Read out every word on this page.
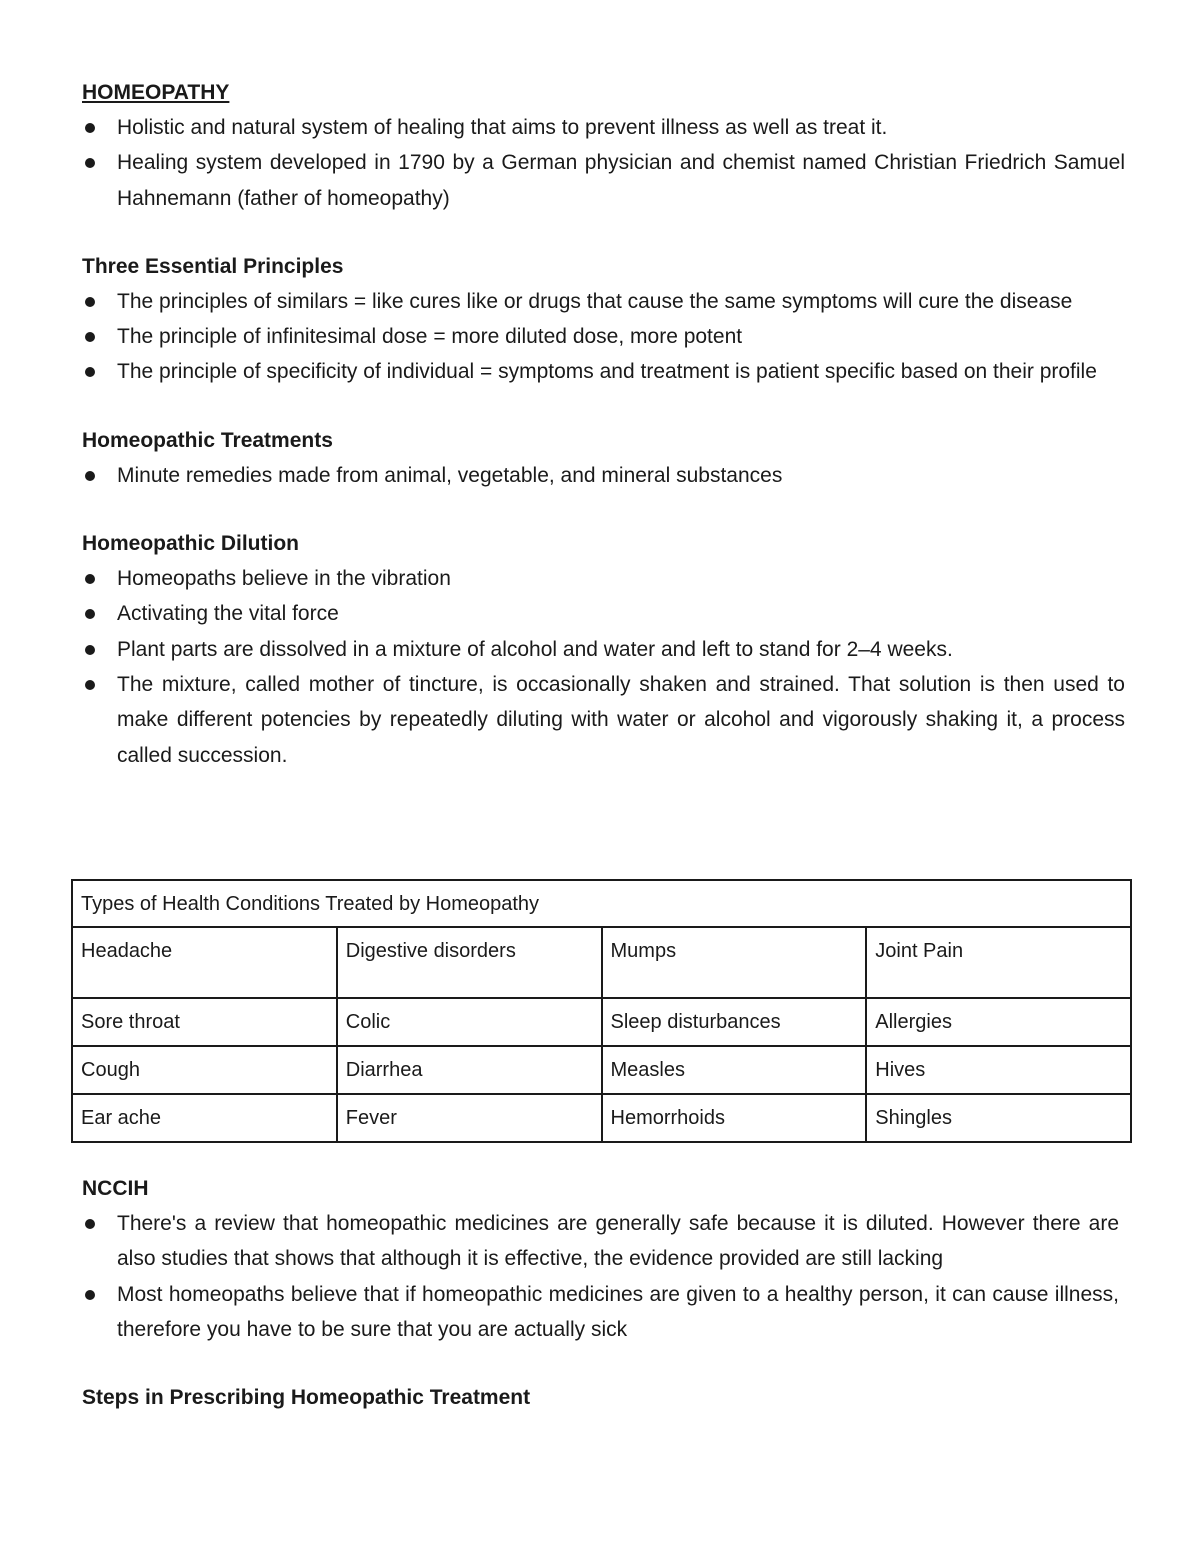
HOMEOPATHY

Holistic and natural system of healing that aims to prevent illness as well as treat it.
Healing system developed in 1790 by a German physician and chemist named Christian Friedrich Samuel Hahnemann (father of homeopathy)

Three Essential Principles

The principles of similars = like cures like or drugs that cause the same symptoms will cure the disease
The principle of infinitesimal dose = more diluted dose, more potent
The principle of specificity of individual = symptoms and treatment is patient specific based on their profile

Homeopathic Treatments

Minute remedies made from animal, vegetable, and mineral substances

Homeopathic Dilution

Homeopaths believe in the vibration
Activating the vital force
Plant parts are dissolved in a mixture of alcohol and water and left to stand for 2–4 weeks.
The mixture, called mother of tincture, is occasionally shaken and strained. That solution is then used to make different potencies by repeatedly diluting with water or alcohol and vigorously shaking it, a process called succession.
Types of Health Conditions Treated by Homeopathy			
Headache	Digestive disorders	Mumps	Joint Pain
Sore throat	Colic	Sleep disturbances	Allergies
Cough	Diarrhea	Measles	Hives
Ear ache	Fever	Hemorrhoids	Shingles

NCCIH

There's a review that homeopathic medicines are generally safe because it is diluted. However there are also studies that shows that although it is effective, the evidence provided are still lacking
Most homeopaths believe that if homeopathic medicines are given to a healthy person, it can cause illness, therefore you have to be sure that you are actually sick

Steps in Prescribing Homeopathic Treatment
